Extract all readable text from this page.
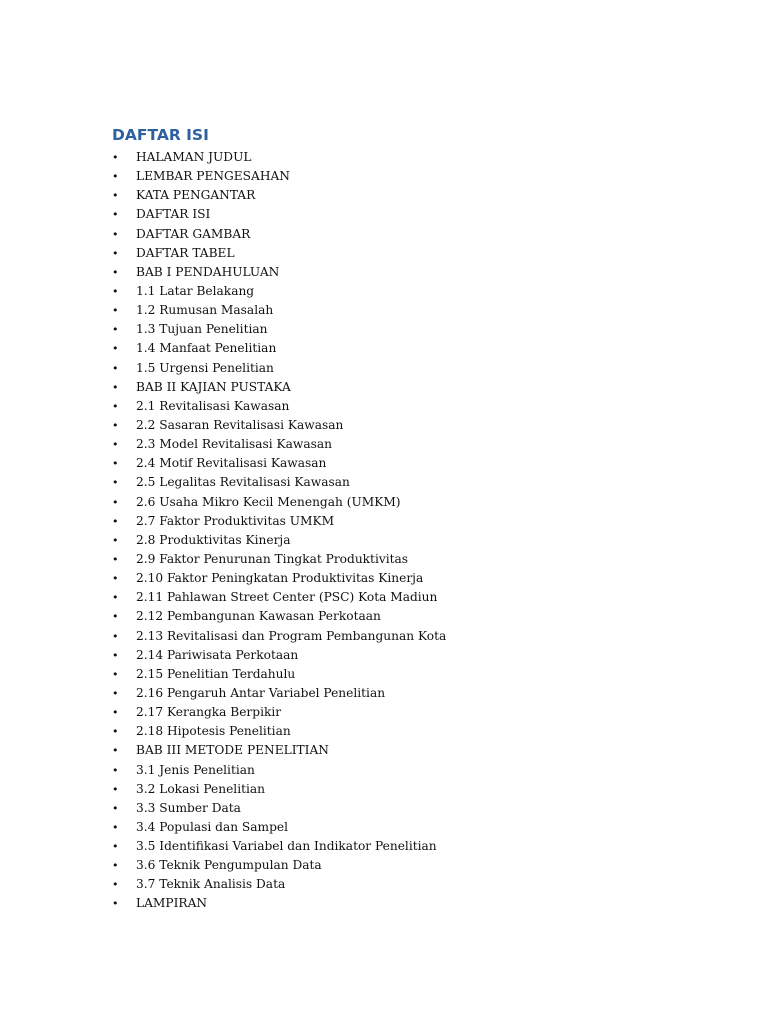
DAFTAR ISI
• HALAMAN JUDUL
• LEMBAR PENGESAHAN
• KATA PENGANTAR
• DAFTAR ISI
• DAFTAR GAMBAR
• DAFTAR TABEL
• BAB I PENDAHULUAN
• 1.1 Latar Belakang
• 1.2 Rumusan Masalah
• 1.3 Tujuan Penelitian
• 1.4 Manfaat Penelitian
• 1.5 Urgensi Penelitian
• BAB II KAJIAN PUSTAKA
• 2.1 Revitalisasi Kawasan
• 2.2 Sasaran Revitalisasi Kawasan
• 2.3 Model Revitalisasi Kawasan
• 2.4 Motif Revitalisasi Kawasan
• 2.5 Legalitas Revitalisasi Kawasan
• 2.6 Usaha Mikro Kecil Menengah (UMKM)
• 2.7 Faktor Produktivitas UMKM
• 2.8 Produktivitas Kinerja
• 2.9 Faktor Penurunan Tingkat Produktivitas
• 2.10 Faktor Peningkatan Produktivitas Kinerja
• 2.11 Pahlawan Street Center (PSC) Kota Madiun
• 2.12 Pembangunan Kawasan Perkotaan
• 2.13 Revitalisasi dan Program Pembangunan Kota
• 2.14 Pariwisata Perkotaan
• 2.15 Penelitian Terdahulu
• 2.16 Pengaruh Antar Variabel Penelitian
• 2.17 Kerangka Berpikir
• 2.18 Hipotesis Penelitian
• BAB III METODE PENELITIAN
• 3.1 Jenis Penelitian
• 3.2 Lokasi Penelitian
• 3.3 Sumber Data
• 3.4 Populasi dan Sampel
• 3.5 Identifikasi Variabel dan Indikator Penelitian
• 3.6 Teknik Pengumpulan Data
• 3.7 Teknik Analisis Data
• LAMPIRAN
